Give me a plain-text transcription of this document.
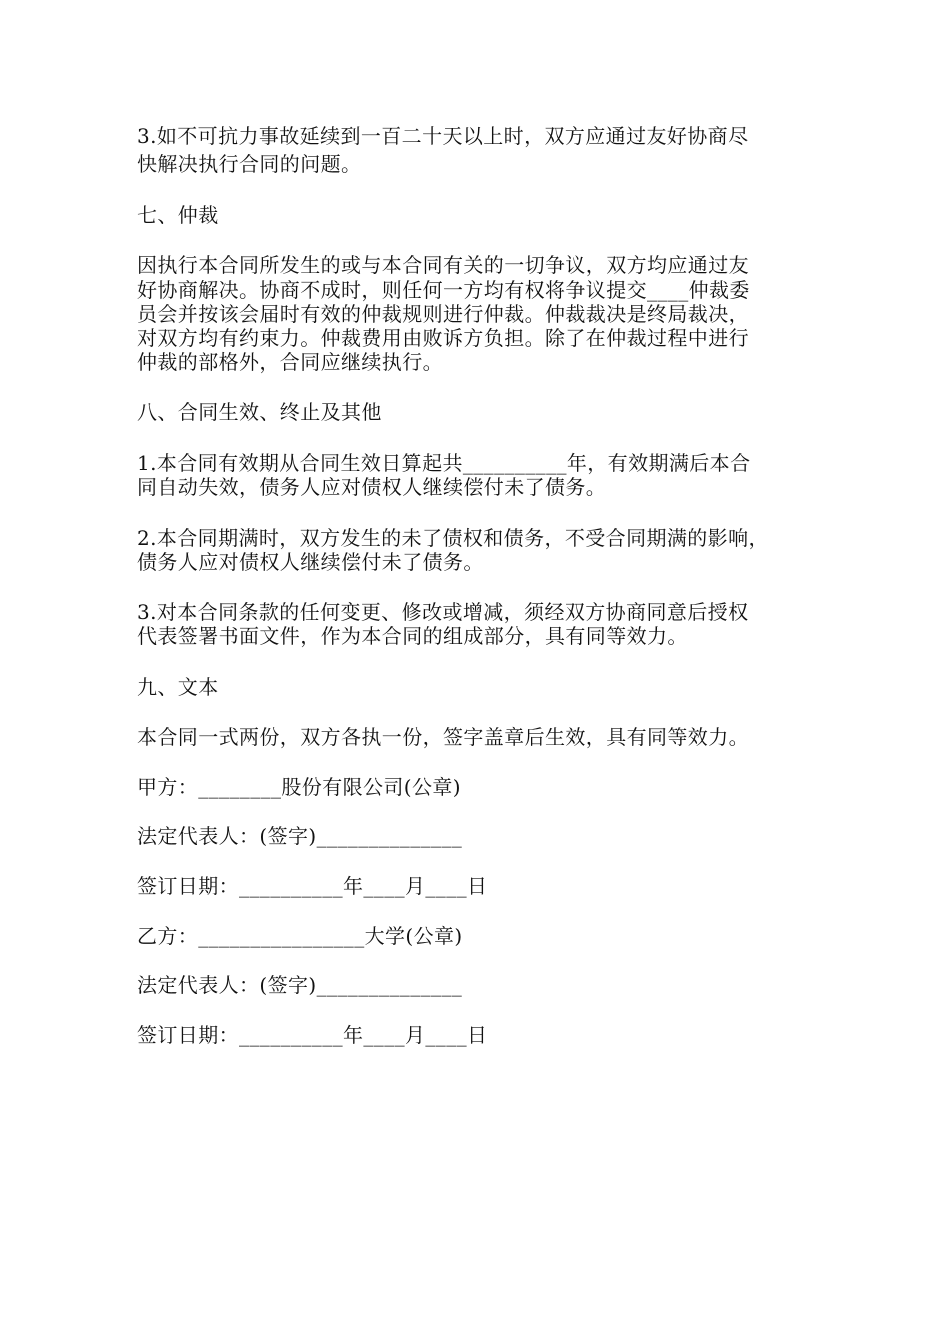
3.如不可抗力事故延续到一百二十天以上时，双方应通过友好协商尽
快解决执行合同的问题。
七、仲裁
因执行本合同所发生的或与本合同有关的一切争议，双方均应通过友
好协商解决。协商不成时，则任何一方均有权将争议提交____仲裁委
员会并按该会届时有效的仲裁规则进行仲裁。仲裁裁决是终局裁决，
对双方均有约束力。仲裁费用由败诉方负担。除了在仲裁过程中进行
仲裁的部格外，合同应继续执行。
八、合同生效、终止及其他
1.本合同有效期从合同生效日算起共__________年，有效期满后本合
同自动失效，债务人应对债权人继续偿付未了债务。
2.本合同期满时，双方发生的未了债权和债务，不受合同期满的影响，
债务人应对债权人继续偿付未了债务。
3.对本合同条款的任何变更、修改或增减，须经双方协商同意后授权
代表签署书面文件，作为本合同的组成部分，具有同等效力。
九、文本
本合同一式两份，双方各执一份，签字盖章后生效，具有同等效力。
甲方：________股份有限公司(公章)
法定代表人：(签字)______________
签订日期：__________年____月____日
乙方：________________大学(公章)
法定代表人：(签字)______________
签订日期：__________年____月____日
